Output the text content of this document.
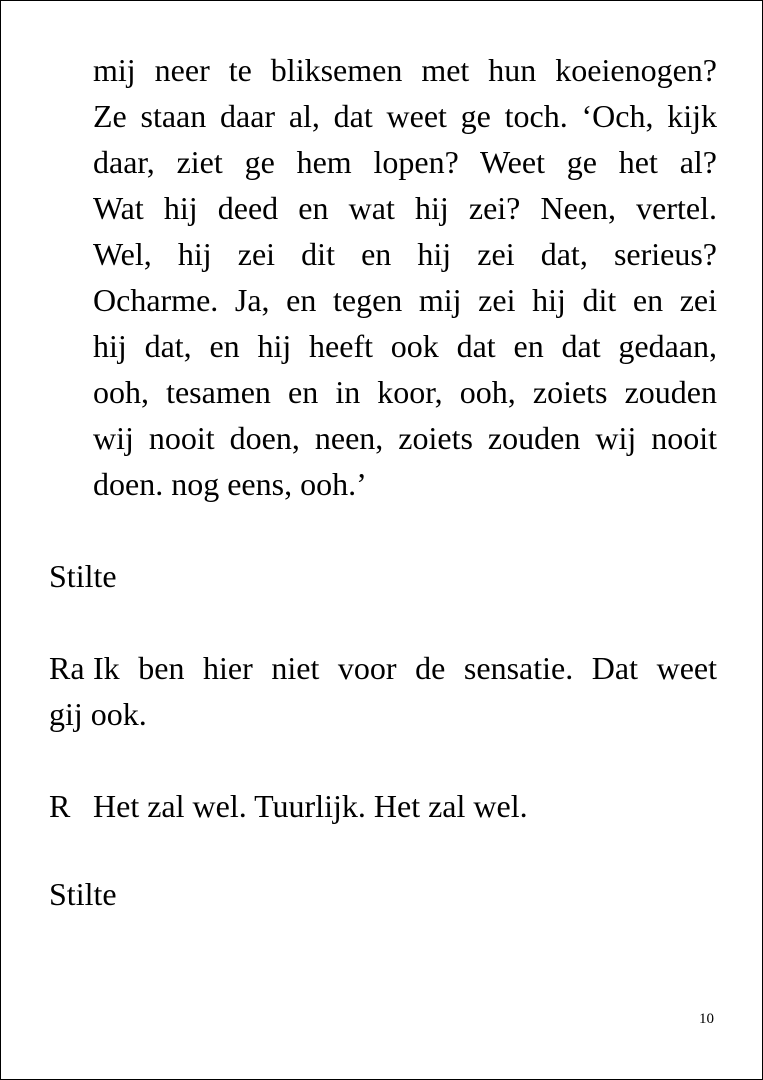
mij neer te bliksemen met hun koeienogen?
Ze staan daar al, dat weet ge toch. ‘Och, kijk
daar, ziet ge hem lopen? Weet ge het al?
Wat hij deed en wat hij zei? Neen, vertel.
Wel, hij zei dit en hij zei dat, serieus?
Ocharme. Ja, en tegen mij zei hij dit en zei
hij dat, en hij heeft ook dat en dat gedaan,
ooh, tesamen en in koor, ooh, zoiets zouden
wij nooit doen, neen, zoiets zouden wij nooit
doen. nog eens, ooh.’
Stilte
Ra Ik ben hier niet voor de sensatie. Dat weet
gij ook.
R Het zal wel. Tuurlijk. Het zal wel.
Stilte
10
